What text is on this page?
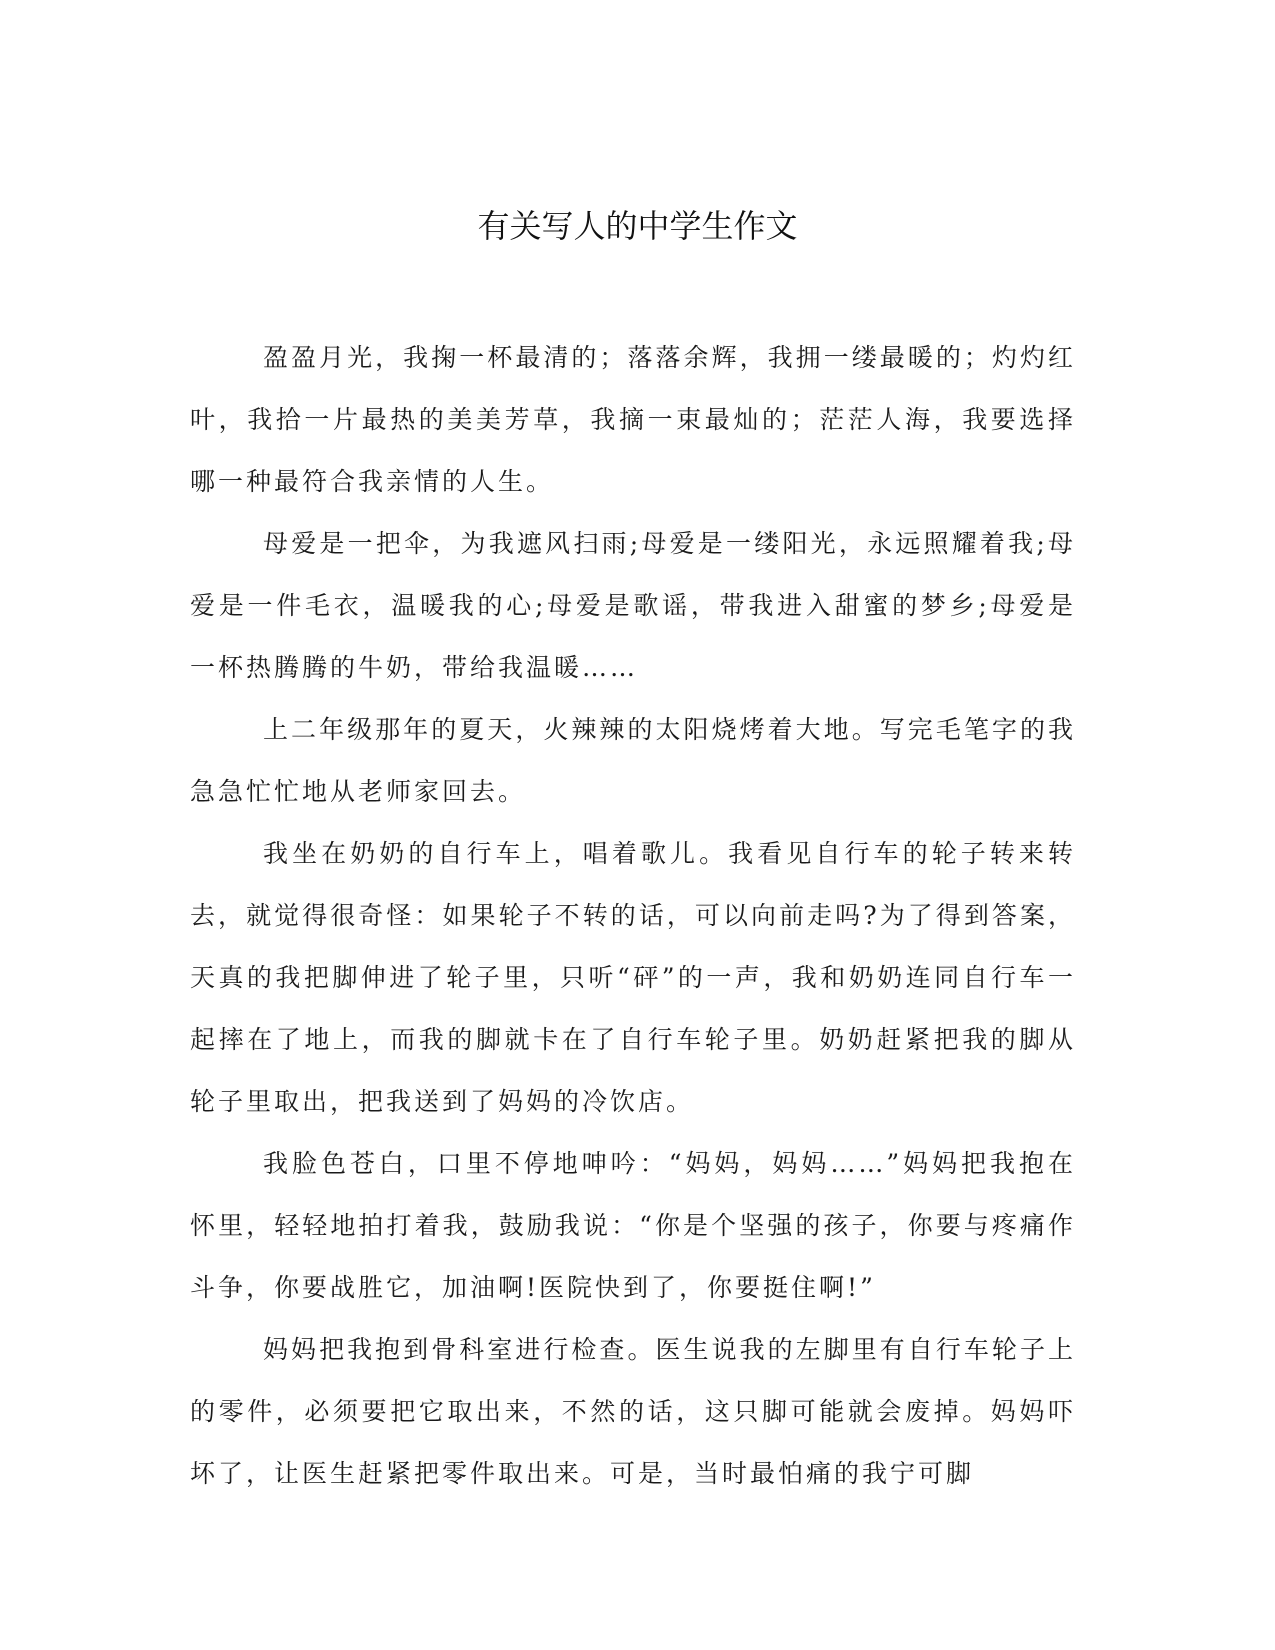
有关写人的中学生作文

盈盈月光，我掬一杯最清的；落落余辉，我拥一缕最暖的；灼灼红叶，我拾一片最热的美美芳草，我摘一束最灿的；茫茫人海，我要选择哪一种最符合我亲情的人生。

母爱是一把伞，为我遮风扫雨;母爱是一缕阳光，永远照耀着我;母爱是一件毛衣，温暖我的心;母爱是歌谣，带我进入甜蜜的梦乡;母爱是一杯热腾腾的牛奶，带给我温暖……

上二年级那年的夏天，火辣辣的太阳烧烤着大地。写完毛笔字的我急急忙忙地从老师家回去。

我坐在奶奶的自行车上，唱着歌儿。我看见自行车的轮子转来转去，就觉得很奇怪：如果轮子不转的话，可以向前走吗?为了得到答案，天真的我把脚伸进了轮子里，只听“砰”的一声，我和奶奶连同自行车一起摔在了地上，而我的脚就卡在了自行车轮子里。奶奶赶紧把我的脚从轮子里取出，把我送到了妈妈的冷饮店。

我脸色苍白，口里不停地呻吟：“妈妈，妈妈……”妈妈把我抱在怀里，轻轻地拍打着我，鼓励我说：“你是个坚强的孩子，你要与疼痛作斗争，你要战胜它，加油啊!医院快到了，你要挺住啊!”

妈妈把我抱到骨科室进行检查。医生说我的左脚里有自行车轮子上的零件，必须要把它取出来，不然的话，这只脚可能就会废掉。妈妈吓坏了，让医生赶紧把零件取出来。可是，当时最怕痛的我宁可脚
